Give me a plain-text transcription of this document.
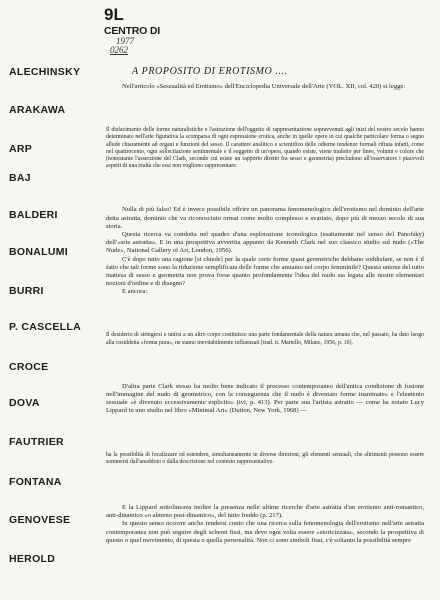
9L
CENTRO DI
1977
0262
ALECHINSKY
ARAKAWA
ARP
BAJ
BALDERI
BONALUMI
BURRI
P. CASCELLA
CROCE
DOVA
FAUTRIER
FONTANA
GENOVESE
HEROLD
A PROPOSITO DI EROTISMO ....

Nell'articolo «Sessualità ed Erotismo» dell'Enciclopedia Universale dell'Arte (VOL. XII, col. 420) si legge:

Il disfacimento delle forme naturalistiche e l'astrazione dell'oggetto di rappresentazione sopravvenuti agli inizi del nostro secolo hanno determinato nell'arte figurativa la scomparsa di ogni espressione erotica, anche in quelle opere in cui qualche particolare forma o segno allude chiaramente ad organi e funzioni del sesso. Il carattere analitico e scientifico delle odierne tendenze formali rifiuta infatti, come nel quattrocento, ogni sollecitazione sentimentale e il soggetto di un'opera, quando esiste, viene tradotto per linee, volumi e colore che (nonostante l'asserzione del Clark, secondo cui esiste un rapporto diretto fra sesso e geometria) precludono all'osservatore i piacevoli aspetti di una realtà che essi non vogliono rappresentare.

Nulla di più falso! Ed è invece possibile offrire un panorama fenomenologico dell'erotismo nel dominio dell'arte detta astratta, dominio che va riconosciuto ormai come molto complesso e svariato, dopo più di mezzo secolo di sua storia.

Questa ricerca va condotta nel quadro d'una esplorazione iconologica (esattamente nel senso del Panofsky) dell'«arte astratta». E in una prospettiva avvertita appunto da Kenneth Clark nel suo classico studio sul nudo («The Nude», National Gallery of Art, London, 1956).

C'è dopo tutto una ragione [si chiede] per la quale certe forme quasi geometriche debbano soddisfare, se non è il fatto che tali forme sono la riduzione semplificata delle forme che amiamo nel corpo femminile? Questa unione del tutto inattesa di sesso e geometria non prova forse quanto profondamente l'idea del nudo sia legata alle nostre elementari nozioni d'ordine e di disegno?

E ancora:

Il desiderio di stringersi e unirsi a un altro corpo costituisce una parte fondamentale della natura umana che, nel passato, ha dato luogo alla cosiddetta «forma pura», ne siamo inevitabilmente influenzati [trad. it. Martello, Milano, 1956, p. 10].

D'altra parte Clark stesso ha molto bene indicato il processo contemporaneo dell'antica condizione di fusione nell'immagine del nudo di geometrico, con la conseguenza che il nudo è diventato forme inanimate» e l'elemento sessuale «è divenuto eccessivamente esplicito» (ivi, p. 413). Per parte sua l'artista astratto — come ha notato Lucy Lippard in uno studio nel libro «Minimal Art» (Dutton, New York, 1968) —

ha la possibilità di focalizzare ed estendere, simultaneamente in diverse direzioni, gli elementi sensuali, che altrimenti possono essere sommersi dall'aneddoto o dalla descrizione nel contesto rappresentativo.

E la Lippard sottolineava inoltre la presenza nelle ultime ricerche d'arte astratta d'un erotismo anti-romantico, anti-dinamico «o almeno post-dinamico», del tutto freddo (p. 217).

In questo senso occorre anche rendersi conto che una ricerca sulla fenomenologia dell'erotismo nell'arte astratta contemporanea non può seguire degli schemi fissi, ma deve ogni volta essere «storicizzata», secondo la prospettiva di questo o quel movimento, di questa o quella personalità. Non ci sono simboli fissi, c'è soltanto la possibilità sempre
